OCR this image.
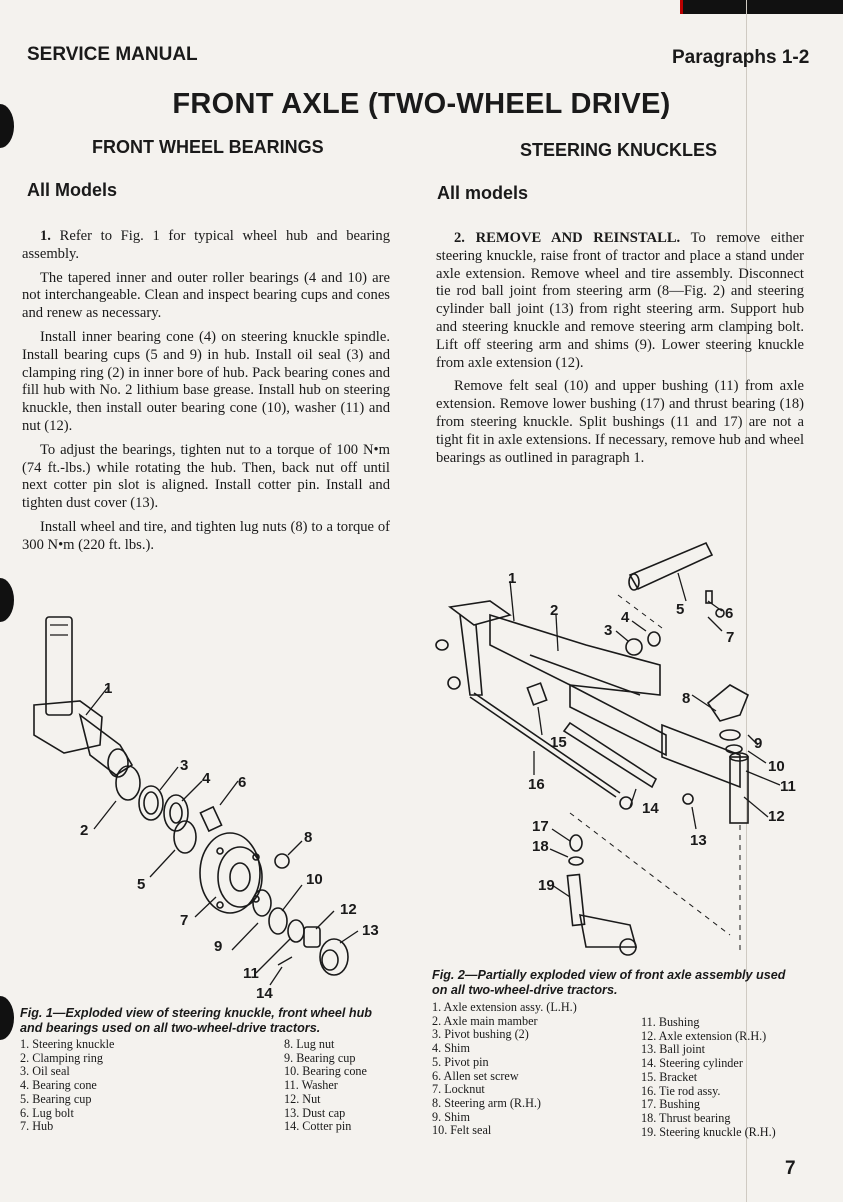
SERVICE MANUAL	Paragraphs 1-2
FRONT AXLE (TWO-WHEEL DRIVE)
FRONT WHEEL BEARINGS	STEERING KNUCKLES
All Models	All models

1. Refer to Fig. 1 for typical wheel hub and bearing assembly.

The tapered inner and outer roller bearings (4 and 10) are not interchangeable. Clean and inspect bearing cups and cones and renew as necessary.

Install inner bearing cone (4) on steering knuckle spindle. Install bearing cups (5 and 9) in hub. Install oil seal (3) and clamping ring (2) in inner bore of hub. Pack bearing cones and fill hub with No. 2 lithium base grease. Install hub on steering knuckle, then install outer bearing cone (10), washer (11) and nut (12).

To adjust the bearings, tighten nut to a torque of 100 N•m (74 ft.-lbs.) while rotating the hub. Then, back nut off until next cotter pin slot is aligned. Install cotter pin. Install and tighten dust cover (13).

Install wheel and tire, and tighten lug nuts (8) to a torque of 300 N•m (220 ft. lbs.).

2. REMOVE AND REINSTALL. To remove either steering knuckle, raise front of tractor and place a stand under axle extension. Remove wheel and tire assembly. Disconnect tie rod ball joint from steering arm (8—Fig. 2) and steering cylinder ball joint (13) from right steering arm. Support hub and steering knuckle and remove steering arm clamping bolt. Lift off steering arm and shims (9). Lower steering knuckle from axle extension (12).

Remove felt seal (10) and upper bushing (11) from axle extension. Remove lower bushing (17) and thrust bearing (18) from steering knuckle. Split bushings (11 and 17) are not a tight fit in axle extensions. If necessary, remove hub and wheel bearings as outlined in paragraph 1.

1
2
3
4
5
6
7
8
9
10
11
12
13
14
Fig. 1—Exploded view of steering knuckle, front wheel hub and bearings used on all two-wheel-drive tractors.
1. Steering knuckle
2. Clamping ring
3. Oil seal
4. Bearing cone
5. Bearing cup
6. Lug bolt
7. Hub
8. Lug nut
9. Bearing cup
10. Bearing cone
11. Washer
12. Nut
13. Dust cap
14. Cotter pin
1
2
3
4	5	6
7
8
9
10
11
12
13
14
15
16
17
18
19
Fig. 2—Partially exploded view of front axle assembly used on all two-wheel-drive tractors.
1. Axle extension assy. (L.H.)
2. Axle main mamber
3. Pivot bushing (2)
4. Shim
5. Pivot pin
6. Allen set screw
7. Locknut
8. Steering arm (R.H.)
9. Shim
10. Felt seal
11. Bushing
12. Axle extension (R.H.)
13. Ball joint
14. Steering cylinder
15. Bracket
16. Tie rod assy.
17. Bushing
18. Thrust bearing
19. Steering knuckle (R.H.)
7
